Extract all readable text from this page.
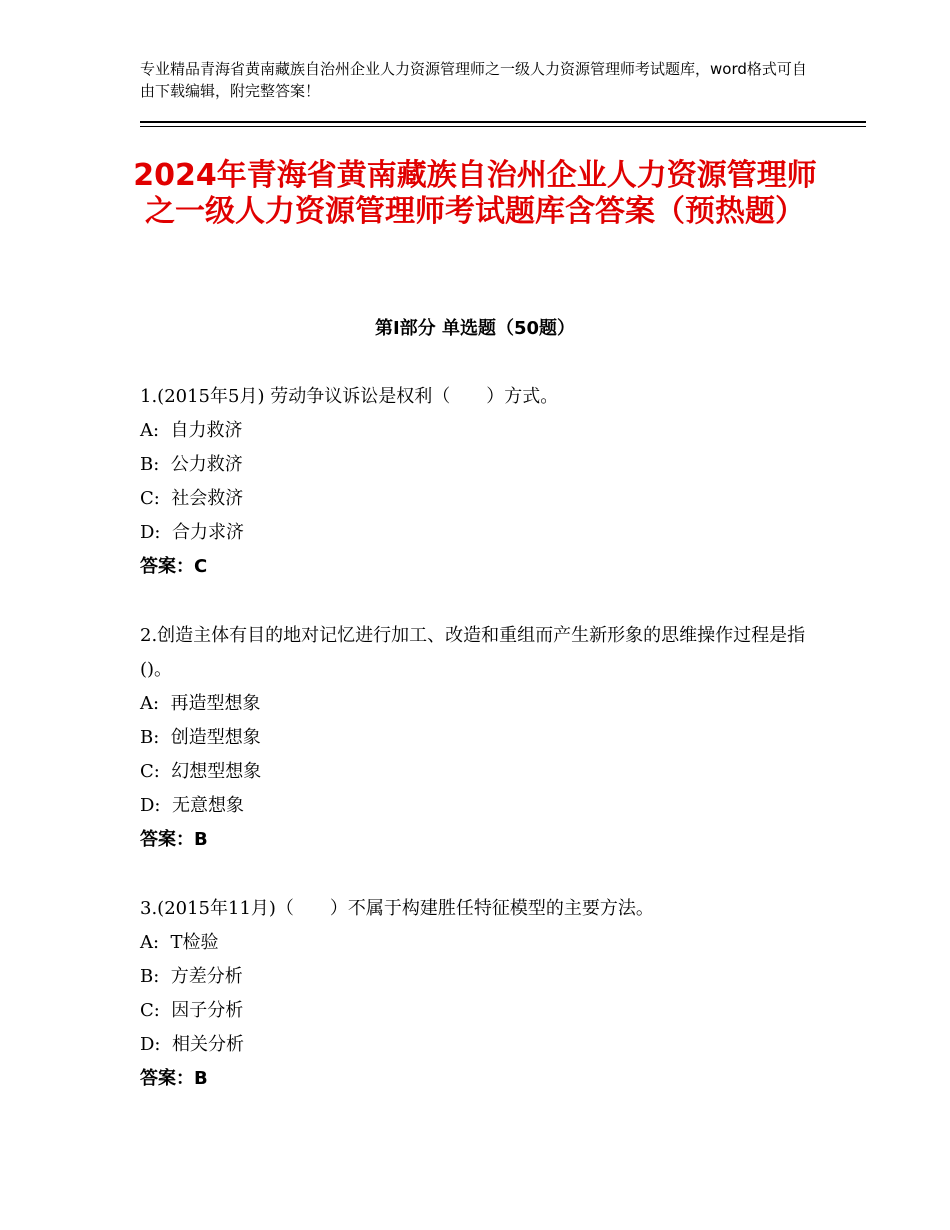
专业精品青海省黄南藏族自治州企业人力资源管理师之一级人力资源管理师考试题库，word格式可自由下载编辑，附完整答案！
2024年青海省黄南藏族自治州企业人力资源管理师之一级人力资源管理师考试题库含答案（预热题）
第Ⅰ部分 单选题（50题）
1.(2015年5月) 劳动争议诉讼是权利（　　）方式。
A:  自力救济
B:  公力救济
C:  社会救济
D:  合力求济
答案：C
2.创造主体有目的地对记忆进行加工、改造和重组而产生新形象的思维操作过程是指()。
A:  再造型想象
B:  创造型想象
C:  幻想型想象
D:  无意想象
答案：B
3.(2015年11月)（　　）不属于构建胜任特征模型的主要方法。
A:  T检验
B:  方差分析
C:  因子分析
D:  相关分析
答案：B
